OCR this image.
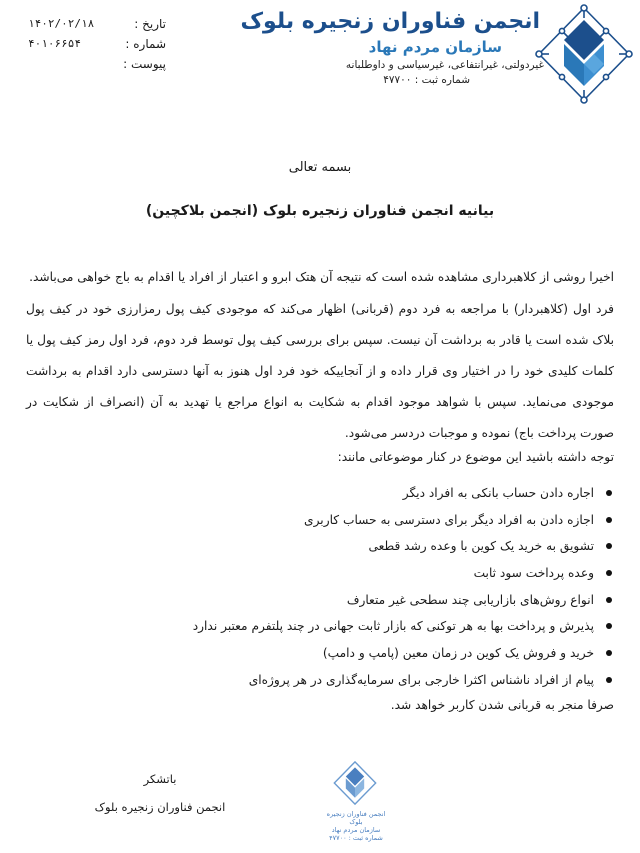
انجمن فناوران زنجیره بلوک
سازمان مردم نهاد
غیردولتی، غیرانتفاعی، غیرسیاسی و داوطلبانه
شماره ثبت : ۴۷۷۰۰
تاریخ :
۱۴۰۲/۰۲/۱۸
شماره :
۴۰۱۰۶۶۵۴
پیوست :
بسمه تعالی
بیانیه انجمن فناوران زنجیره بلوک (انجمن بلاکچین)
اخیرا روشی از کلاهبرداری مشاهده شده است که نتیجه آن هتک ابرو و اعتبار از افراد یا اقدام به باج خواهی می‌باشد.
فرد اول (کلاهبردار) با مراجعه به فرد دوم (قربانی) اظهار می‌کند که موجودی کیف پول رمزارزی خود در کیف پول بلاک شده است یا قادر به برداشت آن نیست. سپس برای بررسی کیف پول توسط فرد دوم، فرد اول رمز کیف پول یا کلمات کلیدی خود را در اختیار وی قرار داده و از آنجاییکه خود فرد اول هنوز به آنها دسترسی دارد اقدام به برداشت موجودی می‌نماید. سپس با شواهد موجود اقدام به شکایت به انواع مراجع یا تهدید به آن (انصراف از شکایت در صورت پرداخت باج) نموده و موجبات دردسر می‌شود.
توجه داشته باشید این موضوع در کنار موضوعاتی مانند:
اجاره دادن حساب بانکی به افراد دیگر
اجازه دادن به افراد دیگر برای دسترسی به حساب کاربری
تشویق به خرید یک کوین با وعده رشد قطعی
وعده پرداخت سود ثابت
انواع روش‌های بازاریابی چند سطحی غیر متعارف
پذیرش و پرداخت بها به هر توکنی که بازار ثابت جهانی در چند پلتفرم معتبر ندارد
خرید و فروش یک کوین در زمان معین (پامپ و دامپ)
پیام از افراد ناشناس اکثرا خارجی برای سرمایه‌گذاری در هر پروژه‌ای
صرفا منجر به قربانی شدن کاربر خواهد شد.
باتشکر
انجمن فناوران زنجیره بلوک	انجمن فناوران زنجیره بلوک
سازمان مردم نهاد
شماره ثبت : ۴۷۷۰۰
